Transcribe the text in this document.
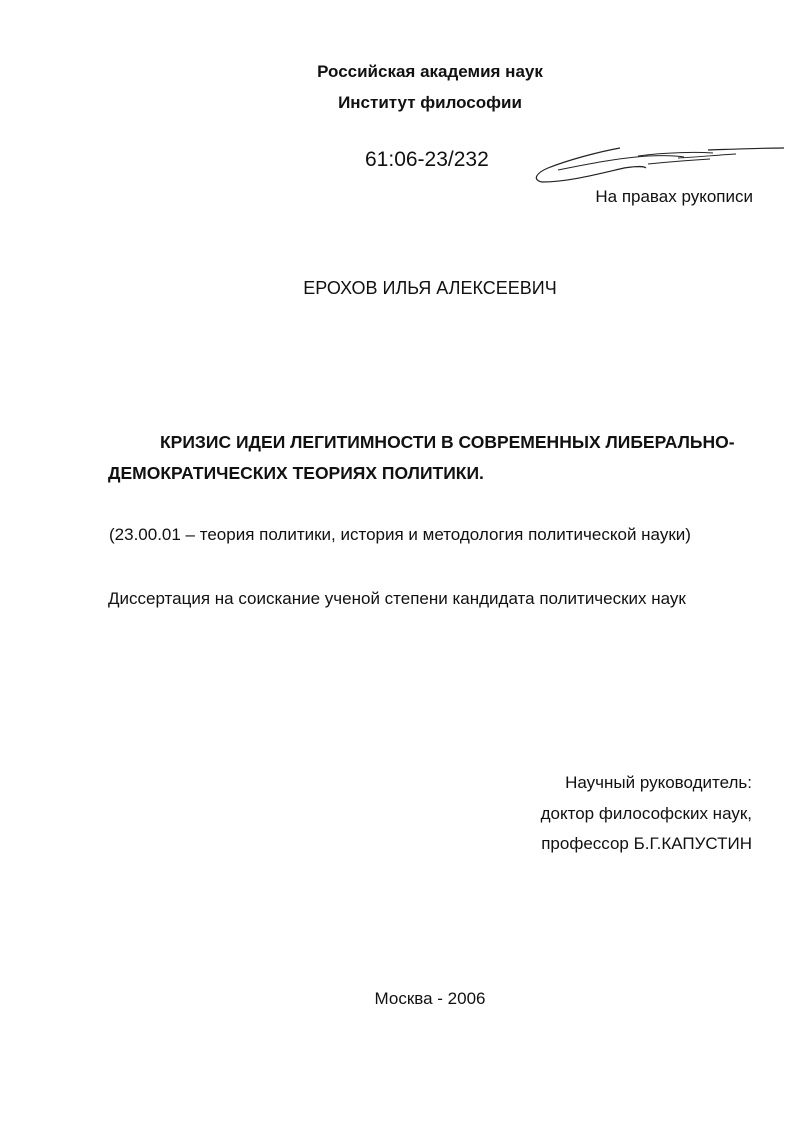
Российская академия наук
Институт философии
61:06-23/232
На правах рукописи
ЕРОХОВ ИЛЬЯ АЛЕКСЕЕВИЧ
КРИЗИС ИДЕИ ЛЕГИТИМНОСТИ В СОВРЕМЕННЫХ ЛИБЕРАЛЬНО-
ДЕМОКРАТИЧЕСКИХ ТЕОРИЯХ ПОЛИТИКИ.
(23.00.01 – теория политики, история и методология политической науки)
Диссертация на соискание ученой степени кандидата политических наук
Научный руководитель:
доктор философских наук,
профессор Б.Г.КАПУСТИН
Москва - 2006
